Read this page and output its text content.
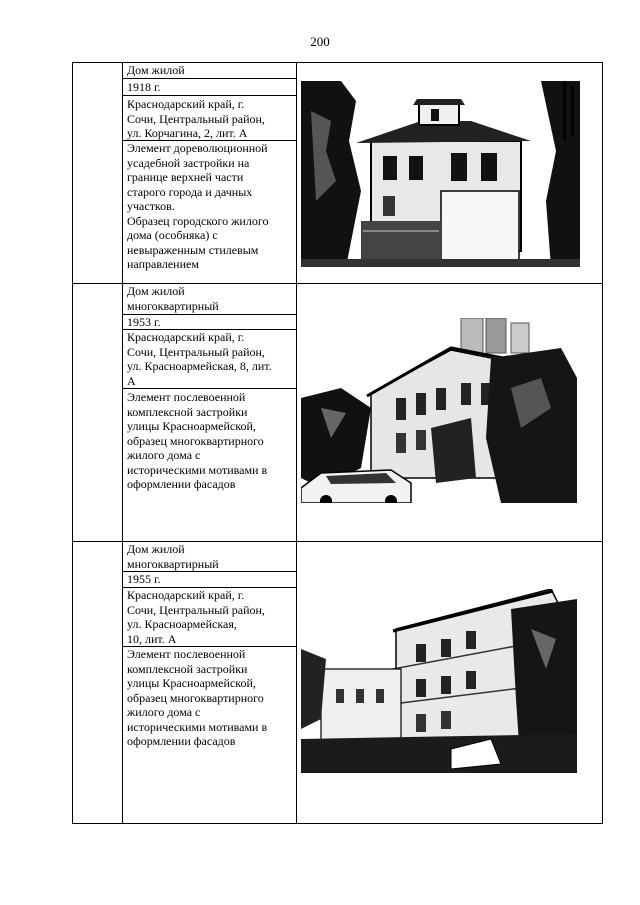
200
Дом жилой
1918 г.
Краснодарский край, г.
Сочи, Центральный район,
ул. Корчагина, 2, лит. А
Элемент дореволюционной
усадебной застройки на
границе верхней части
старого города и дачных
участков.
Образец городского жилого
дома (особняка) с
невыраженным стилевым
направлением
Дом жилой
многоквартирный
1953 г.
Краснодарский край, г.
Сочи, Центральный район,
ул. Красноармейская, 8, лит.
А
Элемент послевоенной
комплексной застройки
улицы Красноармейской,
образец многоквартирного
жилого дома с
историческими мотивами в
оформлении фасадов
Дом жилой
многоквартирный
1955 г.
Краснодарский край, г.
Сочи, Центральный район,
ул. Красноармейская,
10, лит. А
Элемент послевоенной
комплексной застройки
улицы Красноармейской,
образец многоквартирного
жилого дома с
историческими мотивами в
оформлении фасадов
